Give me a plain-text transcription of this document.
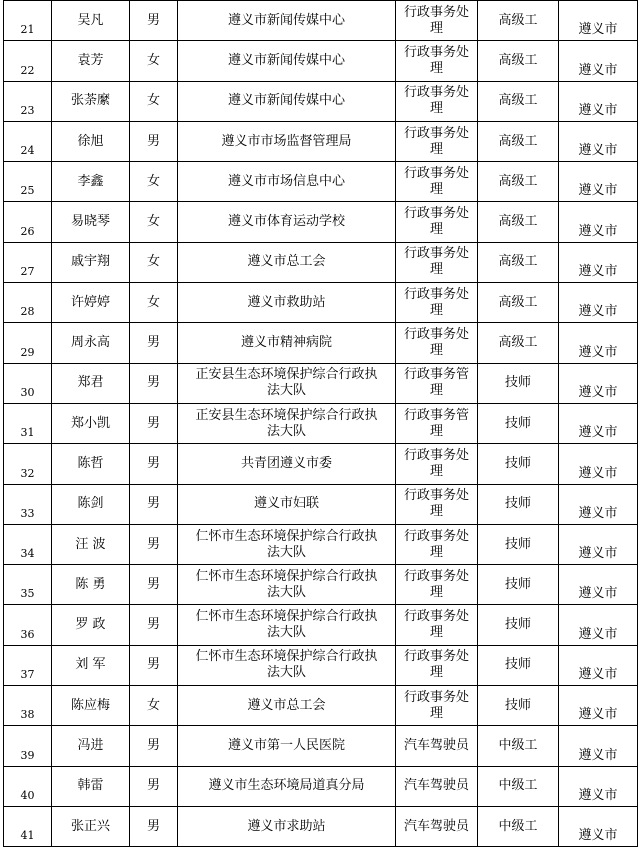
21	吴凡	男	遵义市新闻传媒中心	行政事务处理	高级工	遵义市
22	袁芳	女	遵义市新闻传媒中心	行政事务处理	高级工	遵义市
23	张荼縻	女	遵义市新闻传媒中心	行政事务处理	高级工	遵义市
24	徐旭	男	遵义市市场监督管理局	行政事务处理	高级工	遵义市
25	李鑫	女	遵义市市场信息中心	行政事务处理	高级工	遵义市
26	易晓琴	女	遵义市体育运动学校	行政事务处理	高级工	遵义市
27	戚宇翔	女	遵义市总工会	行政事务处理	高级工	遵义市
28	许婷婷	女	遵义市救助站	行政事务处理	高级工	遵义市
29	周永高	男	遵义市精神病院	行政事务处理	高级工	遵义市
30	郑君	男	正安县生态环境保护综合行政执法大队	行政事务管理	技师	遵义市
31	郑小凯	男	正安县生态环境保护综合行政执法大队	行政事务管理	技师	遵义市
32	陈哲	男	共青团遵义市委	行政事务处理	技师	遵义市
33	陈剑	男	遵义市妇联	行政事务处理	技师	遵义市
34	汪 波	男	仁怀市生态环境保护综合行政执法大队	行政事务处理	技师	遵义市
35	陈 勇	男	仁怀市生态环境保护综合行政执法大队	行政事务处理	技师	遵义市
36	罗 政	男	仁怀市生态环境保护综合行政执法大队	行政事务处理	技师	遵义市
37	刘 军	男	仁怀市生态环境保护综合行政执法大队	行政事务处理	技师	遵义市
38	陈应梅	女	遵义市总工会	行政事务处理	技师	遵义市
39	冯进	男	遵义市第一人民医院	汽车驾驶员	中级工	遵义市
40	韩雷	男	遵义市生态环境局道真分局	汽车驾驶员	中级工	遵义市
41	张正兴	男	遵义市求助站	汽车驾驶员	中级工	遵义市
